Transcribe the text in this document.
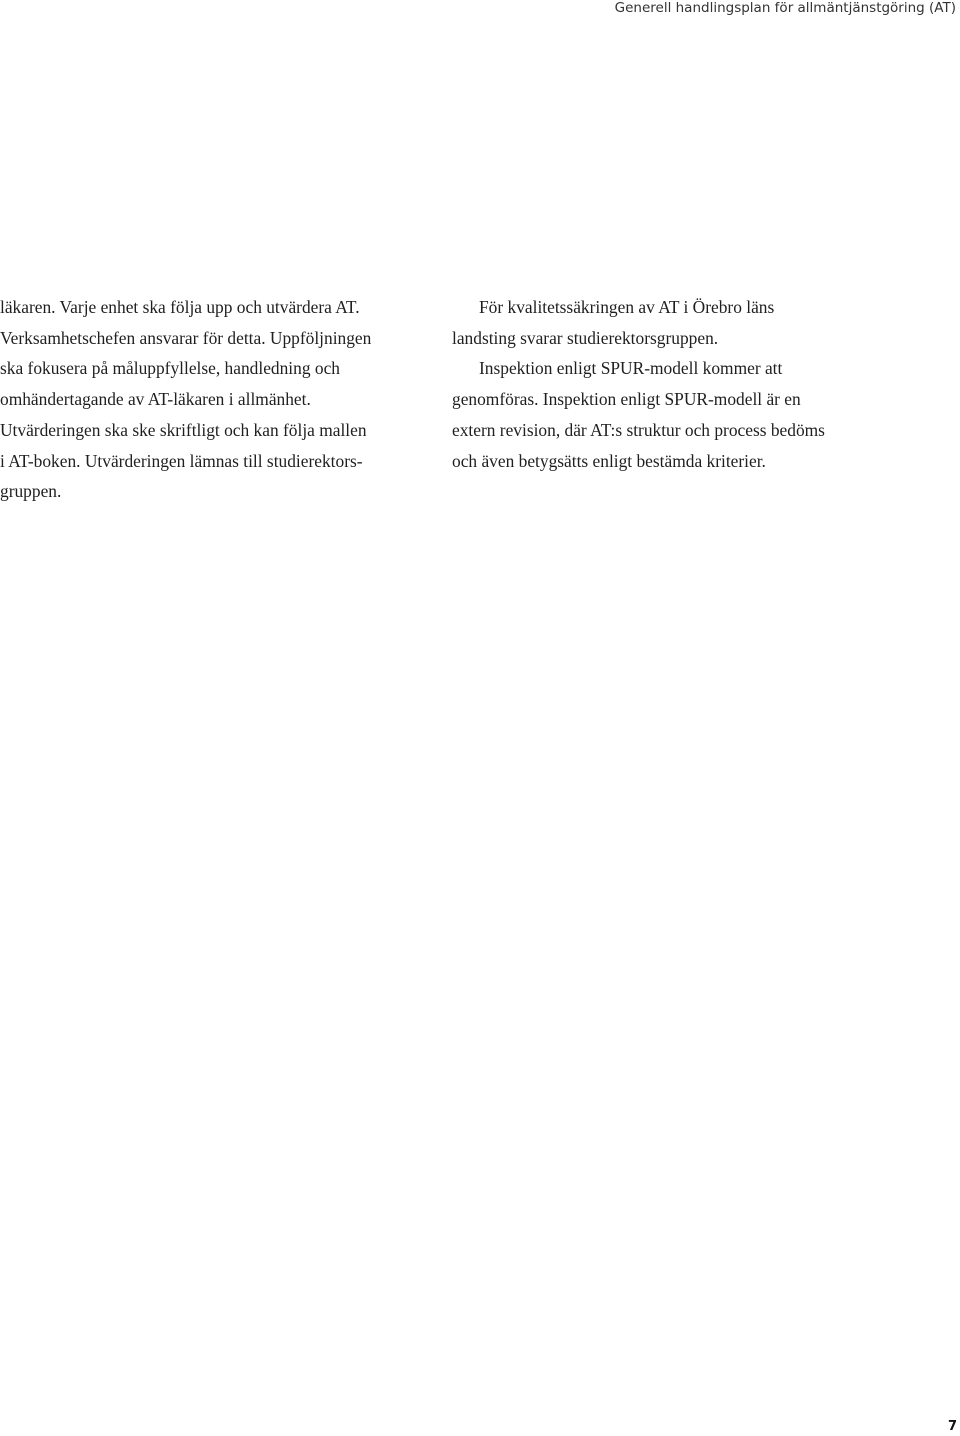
Generell handlingsplan för allmäntjänstgöring (AT)

läkaren. Varje enhet ska följa upp och utvärdera AT.
Verksamhetschefen ansvarar för detta. Uppföljningen
ska fokusera på måluppfyllelse, handledning och
omhändertagande av AT-läkaren i allmänhet.
Utvärderingen ska ske skriftligt och kan följa mallen
i AT-boken. Utvärderingen lämnas till studierektors-
gruppen.

För kvalitetssäkringen av AT i Örebro läns
landsting svarar studierektorsgruppen.

Inspektion enligt SPUR-modell kommer att
genomföras. Inspektion enligt SPUR-modell är en
extern revision, där AT:s struktur och process bedöms
och även betygsätts enligt bestämda kriterier.

7
